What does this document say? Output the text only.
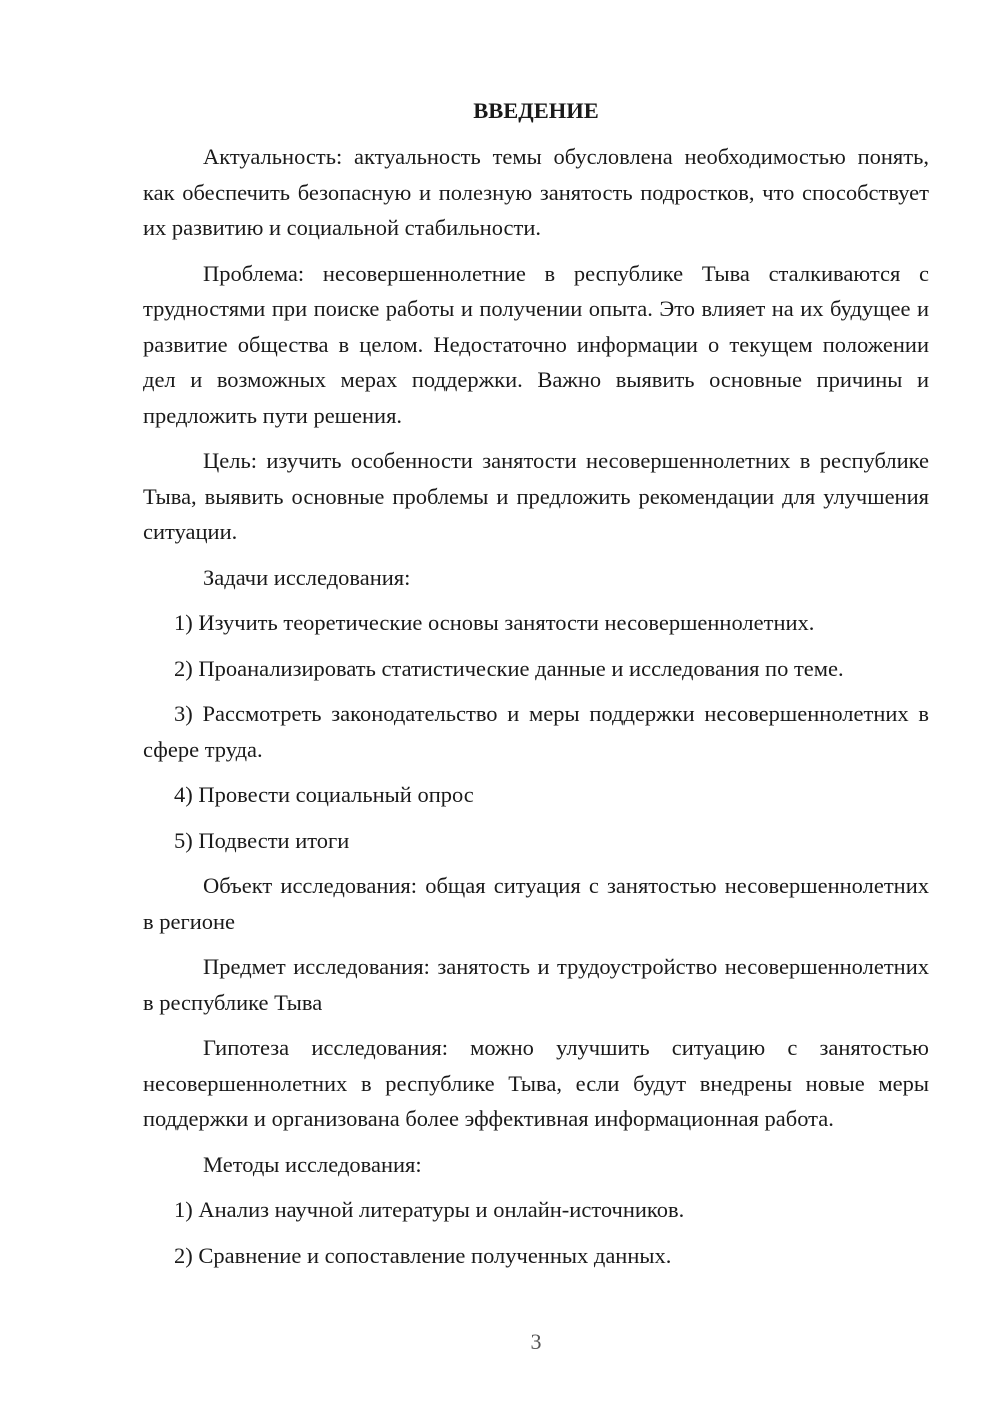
ВВЕДЕНИЕ

Актуальность: актуальность темы обусловлена необходимостью понять, как обеспечить безопасную и полезную занятость подростков, что способствует их развитию и социальной стабильности.

Проблема: несовершеннолетние в республике Тыва сталкиваются с трудностями при поиске работы и получении опыта. Это влияет на их будущее и развитие общества в целом. Недостаточно информации о текущем положении дел и возможных мерах поддержки. Важно выявить основные причины и предложить пути решения.

Цель: изучить особенности занятости несовершеннолетних в республике Тыва, выявить основные проблемы и предложить рекомендации для улучшения ситуации.

Задачи исследования:

1) Изучить теоретические основы занятости несовершеннолетних.

2) Проанализировать статистические данные и исследования по теме.

3) Рассмотреть законодательство и меры поддержки несовершеннолетних в сфере труда.

4) Провести социальный опрос

5) Подвести итоги

Объект исследования: общая ситуация с занятостью несовершеннолетних в регионе

Предмет исследования: занятость и трудоустройство несовершеннолетних в республике Тыва

Гипотеза исследования: можно улучшить ситуацию с занятостью несовершеннолетних в республике Тыва, если будут внедрены новые меры поддержки и организована более эффективная информационная работа.

Методы исследования:

1) Анализ научной литературы и онлайн-источников.

2) Сравнение и сопоставление полученных данных.

3
